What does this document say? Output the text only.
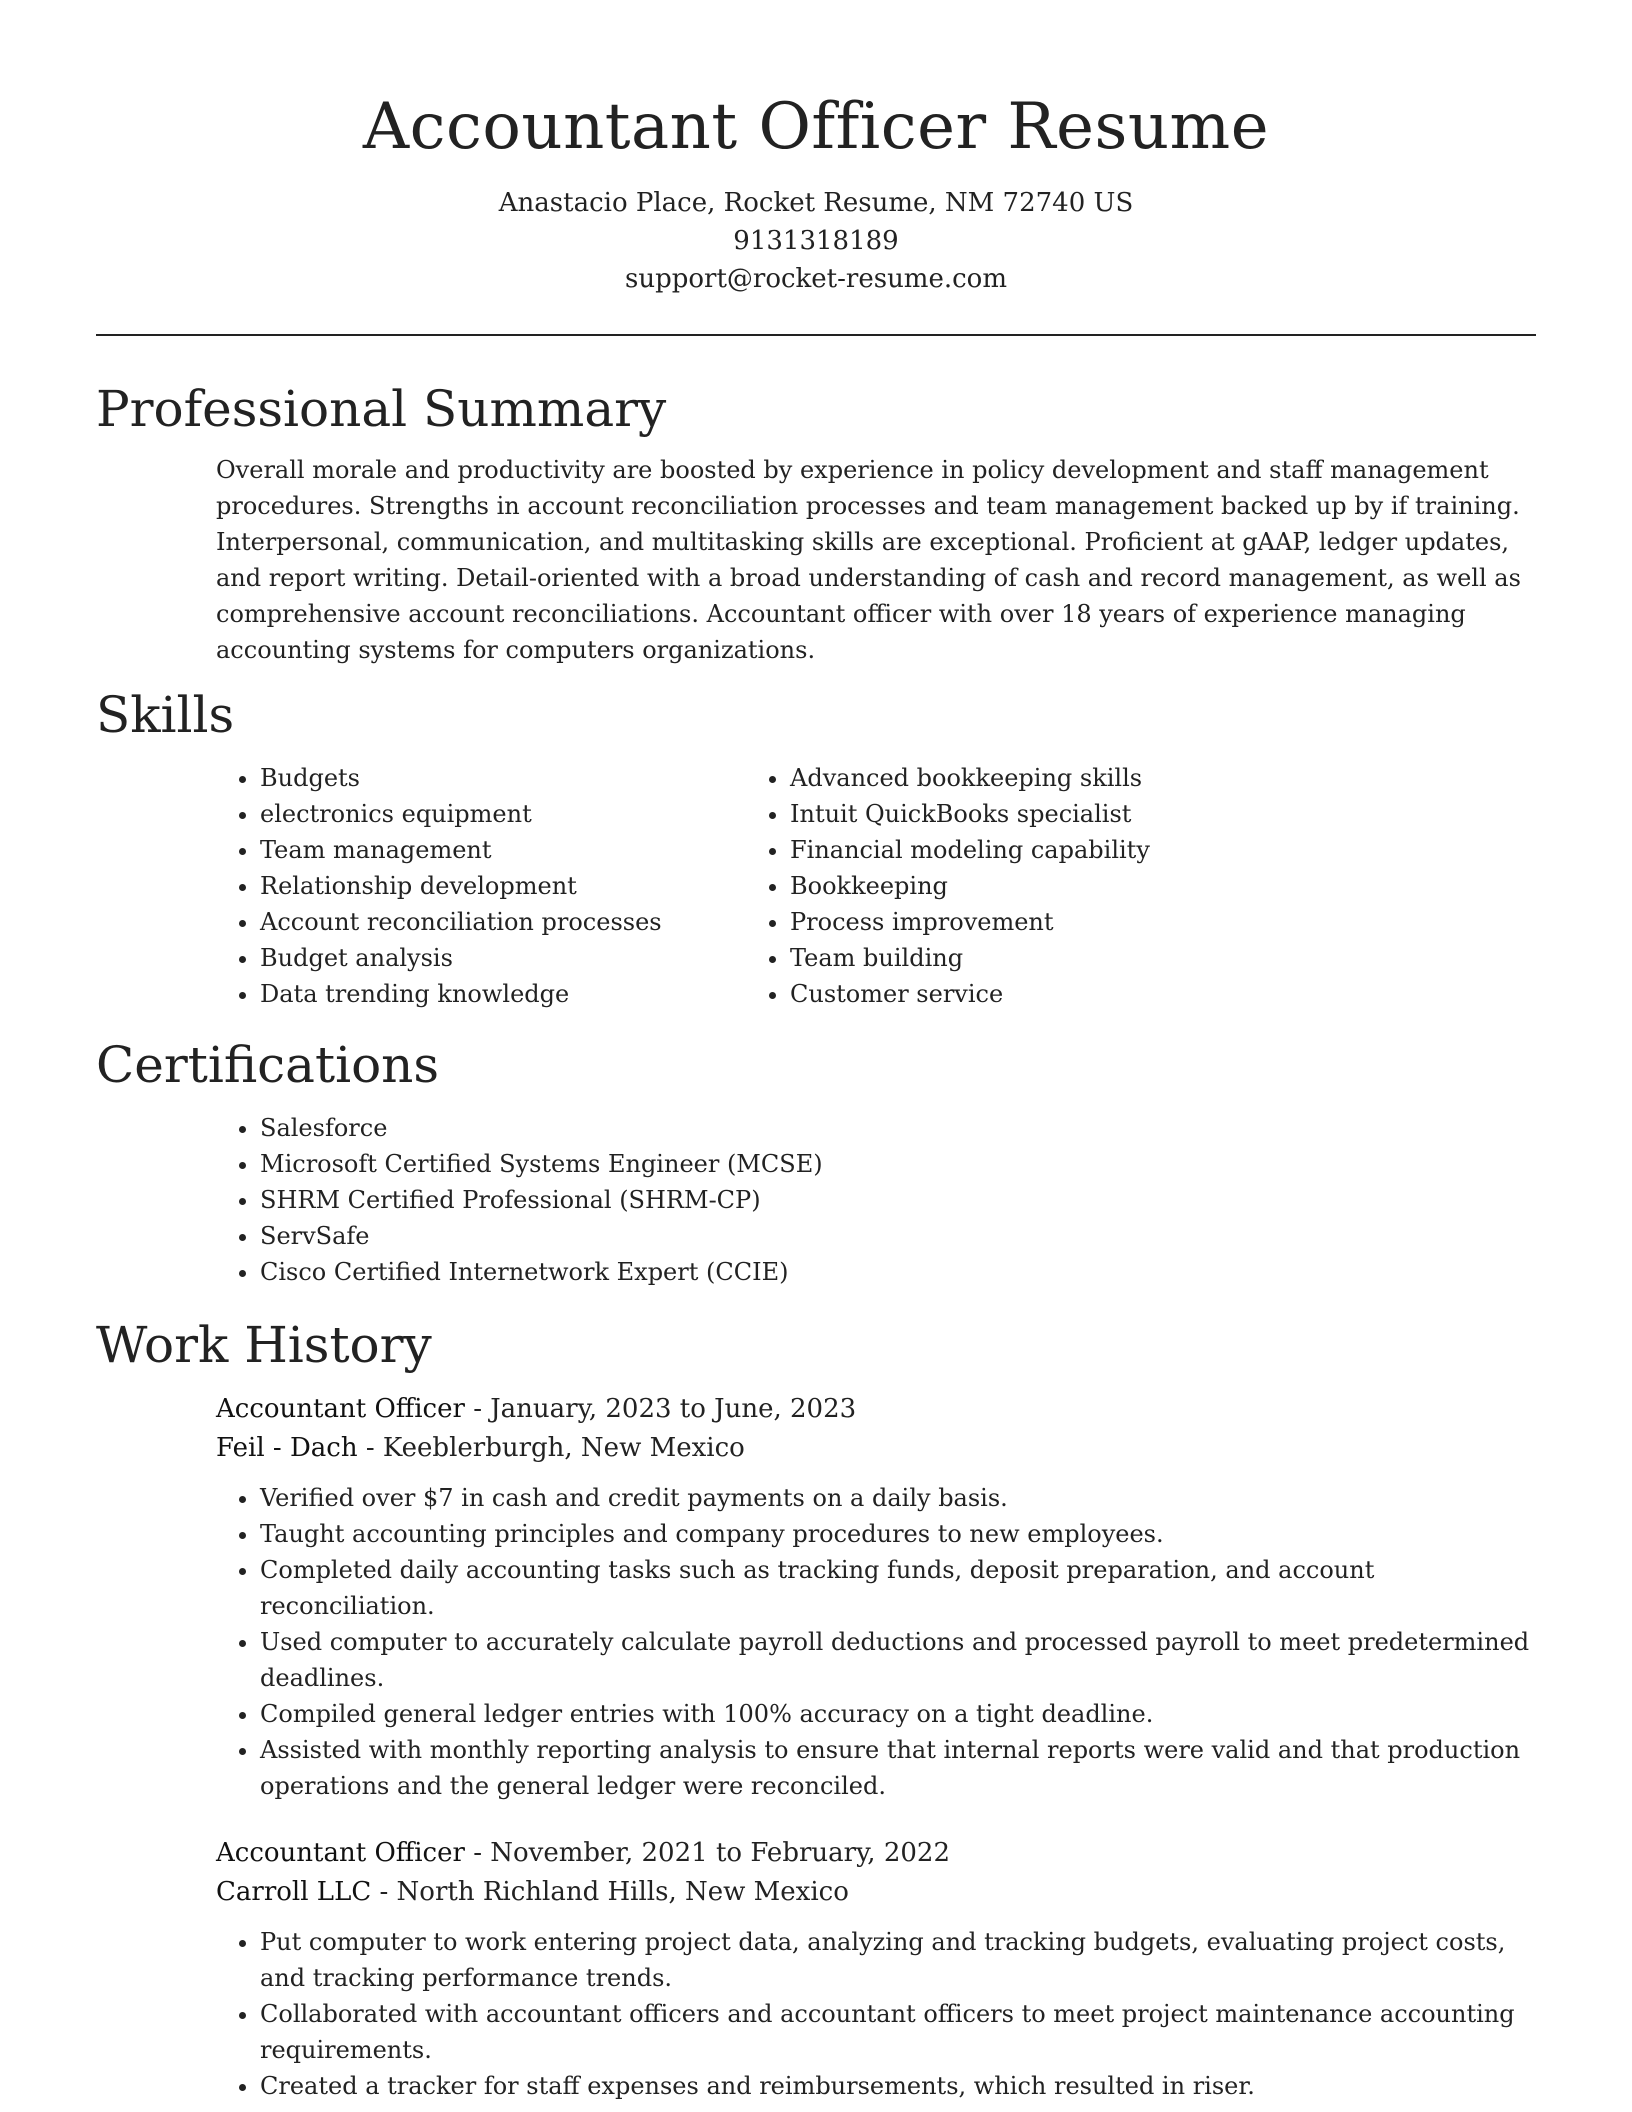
Accountant Officer Resume

Anastacio Place, Rocket Resume, NM 72740 US

9131318189

support@rocket-resume.com

Professional Summary

Overall morale and productivity are boosted by experience in policy development and staff management procedures. Strengths in account reconciliation processes and team management backed up by if training. Interpersonal, communication, and multitasking skills are exceptional. Proficient at gAAP, ledger updates, and report writing. Detail-oriented with a broad understanding of cash and record management, as well as comprehensive account reconciliations. Accountant officer with over 18 years of experience managing accounting systems for computers organizations.

Skills
• Budgets
• electronics equipment
• Team management
• Relationship development
• Account reconciliation processes
• Budget analysis
• Data trending knowledge
• Advanced bookkeeping skills
• Intuit QuickBooks specialist
• Financial modeling capability
• Bookkeeping
• Process improvement
• Team building
• Customer service
Certifications
• Salesforce
• Microsoft Certified Systems Engineer (MCSE)
• SHRM Certified Professional (SHRM-CP)
• ServSafe
• Cisco Certified Internetwork Expert (CCIE)
Work History
Accountant Officer - January, 2023 to June, 2023
Feil - Dach - Keeblerburgh, New Mexico
• Verified over $7 in cash and credit payments on a daily basis.
• Taught accounting principles and company procedures to new employees.
• Completed daily accounting tasks such as tracking funds, deposit preparation, and account reconciliation.
• Used computer to accurately calculate payroll deductions and processed payroll to meet predetermined deadlines.
• Compiled general ledger entries with 100% accuracy on a tight deadline.
• Assisted with monthly reporting analysis to ensure that internal reports were valid and that production operations and the general ledger were reconciled.
Accountant Officer - November, 2021 to February, 2022
Carroll LLC - North Richland Hills, New Mexico
• Put computer to work entering project data, analyzing and tracking budgets, evaluating project costs, and tracking performance trends.
• Collaborated with accountant officers and accountant officers to meet project maintenance accounting requirements.
• Created a tracker for staff expenses and reimbursements, which resulted in riser.
